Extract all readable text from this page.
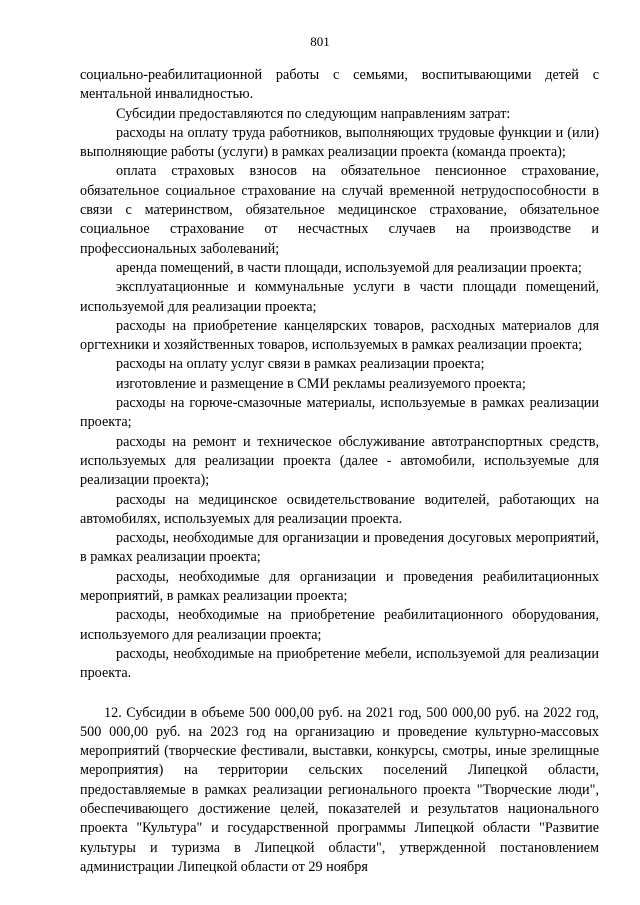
801

социально-реабилитационной работы с семьями, воспитывающими детей с ментальной инвалидностью.

Субсидии предоставляются по следующим направлениям затрат:

расходы на оплату труда работников, выполняющих трудовые функции и (или) выполняющие работы (услуги) в рамках реализации проекта (команда проекта);

оплата страховых взносов на обязательное пенсионное страхование, обязательное социальное страхование на случай временной нетрудоспособности в связи с материнством, обязательное медицинское страхование, обязательное социальное страхование от несчастных случаев на производстве и профессиональных заболеваний;

аренда помещений, в части площади, используемой для реализации проекта;

эксплуатационные и коммунальные услуги в части площади помещений, используемой для реализации проекта;

расходы на приобретение канцелярских товаров, расходных материалов для оргтехники и хозяйственных товаров, используемых в рамках реализации проекта;

расходы на оплату услуг связи в рамках реализации проекта;

изготовление и размещение в СМИ рекламы реализуемого проекта;

расходы на горюче-смазочные материалы, используемые в рамках реализации проекта;

расходы на ремонт и техническое обслуживание автотранспортных средств, используемых для реализации проекта (далее - автомобили, используемые для реализации проекта);

расходы на медицинское освидетельствование водителей, работающих на автомобилях, используемых для реализации проекта.

расходы, необходимые для организации и проведения досуговых мероприятий, в рамках реализации проекта;

расходы, необходимые для организации и проведения реабилитационных мероприятий, в рамках реализации проекта;

расходы, необходимые на приобретение реабилитационного оборудования, используемого для реализации проекта;

расходы, необходимые на приобретение мебели, используемой для реализации проекта.

12. Субсидии в объеме 500 000,00 руб. на 2021 год, 500 000,00 руб. на 2022 год, 500 000,00 руб. на 2023 год на организацию и проведение культурно-массовых мероприятий (творческие фестивали, выставки, конкурсы, смотры, иные зрелищные мероприятия) на территории сельских поселений Липецкой области, предоставляемые в рамках реализации регионального проекта "Творческие люди", обеспечивающего достижение целей, показателей и результатов национального проекта "Культура" и государственной программы Липецкой области "Развитие культуры и туризма в Липецкой области", утвержденной постановлением администрации Липецкой области от 29 ноября
